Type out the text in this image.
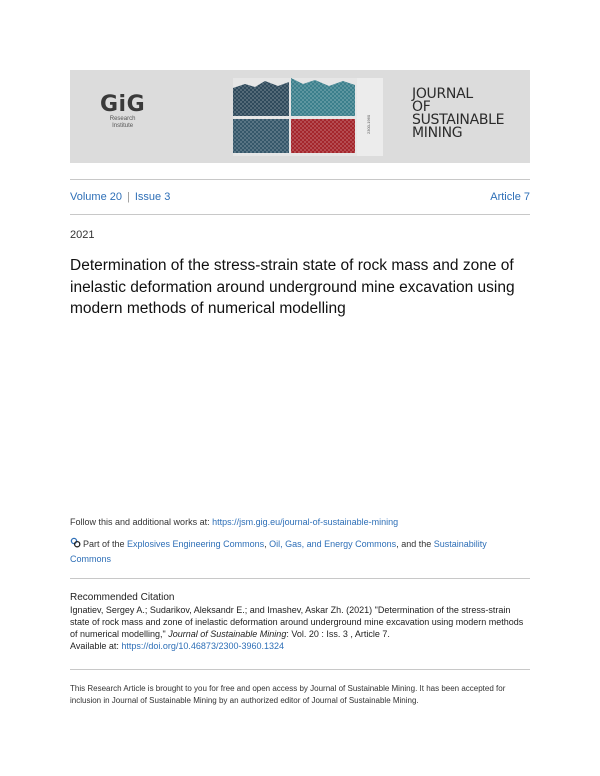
GiG
Research
Institute	2300-1960
JOURNAL
OF
SUSTAINABLE
MINING
Volume 20 | Issue 3	Article 7
2021
Determination of the stress-strain state of rock mass and zone of inelastic deformation around underground mine excavation using modern methods of numerical modelling
Follow this and additional works at: https://jsm.gig.eu/journal-of-sustainable-mining
Part of the Explosives Engineering Commons, Oil, Gas, and Energy Commons, and the Sustainability Commons
Recommended Citation
Ignatiev, Sergey A.; Sudarikov, Aleksandr E.; and Imashev, Askar Zh. (2021) "Determination of the stress-strain state of rock mass and zone of inelastic deformation around underground mine excavation using modern methods of numerical modelling," Journal of Sustainable Mining: Vol. 20 : Iss. 3 , Article 7.
Available at: https://doi.org/10.46873/2300-3960.1324
This Research Article is brought to you for free and open access by Journal of Sustainable Mining. It has been accepted for inclusion in Journal of Sustainable Mining by an authorized editor of Journal of Sustainable Mining.
